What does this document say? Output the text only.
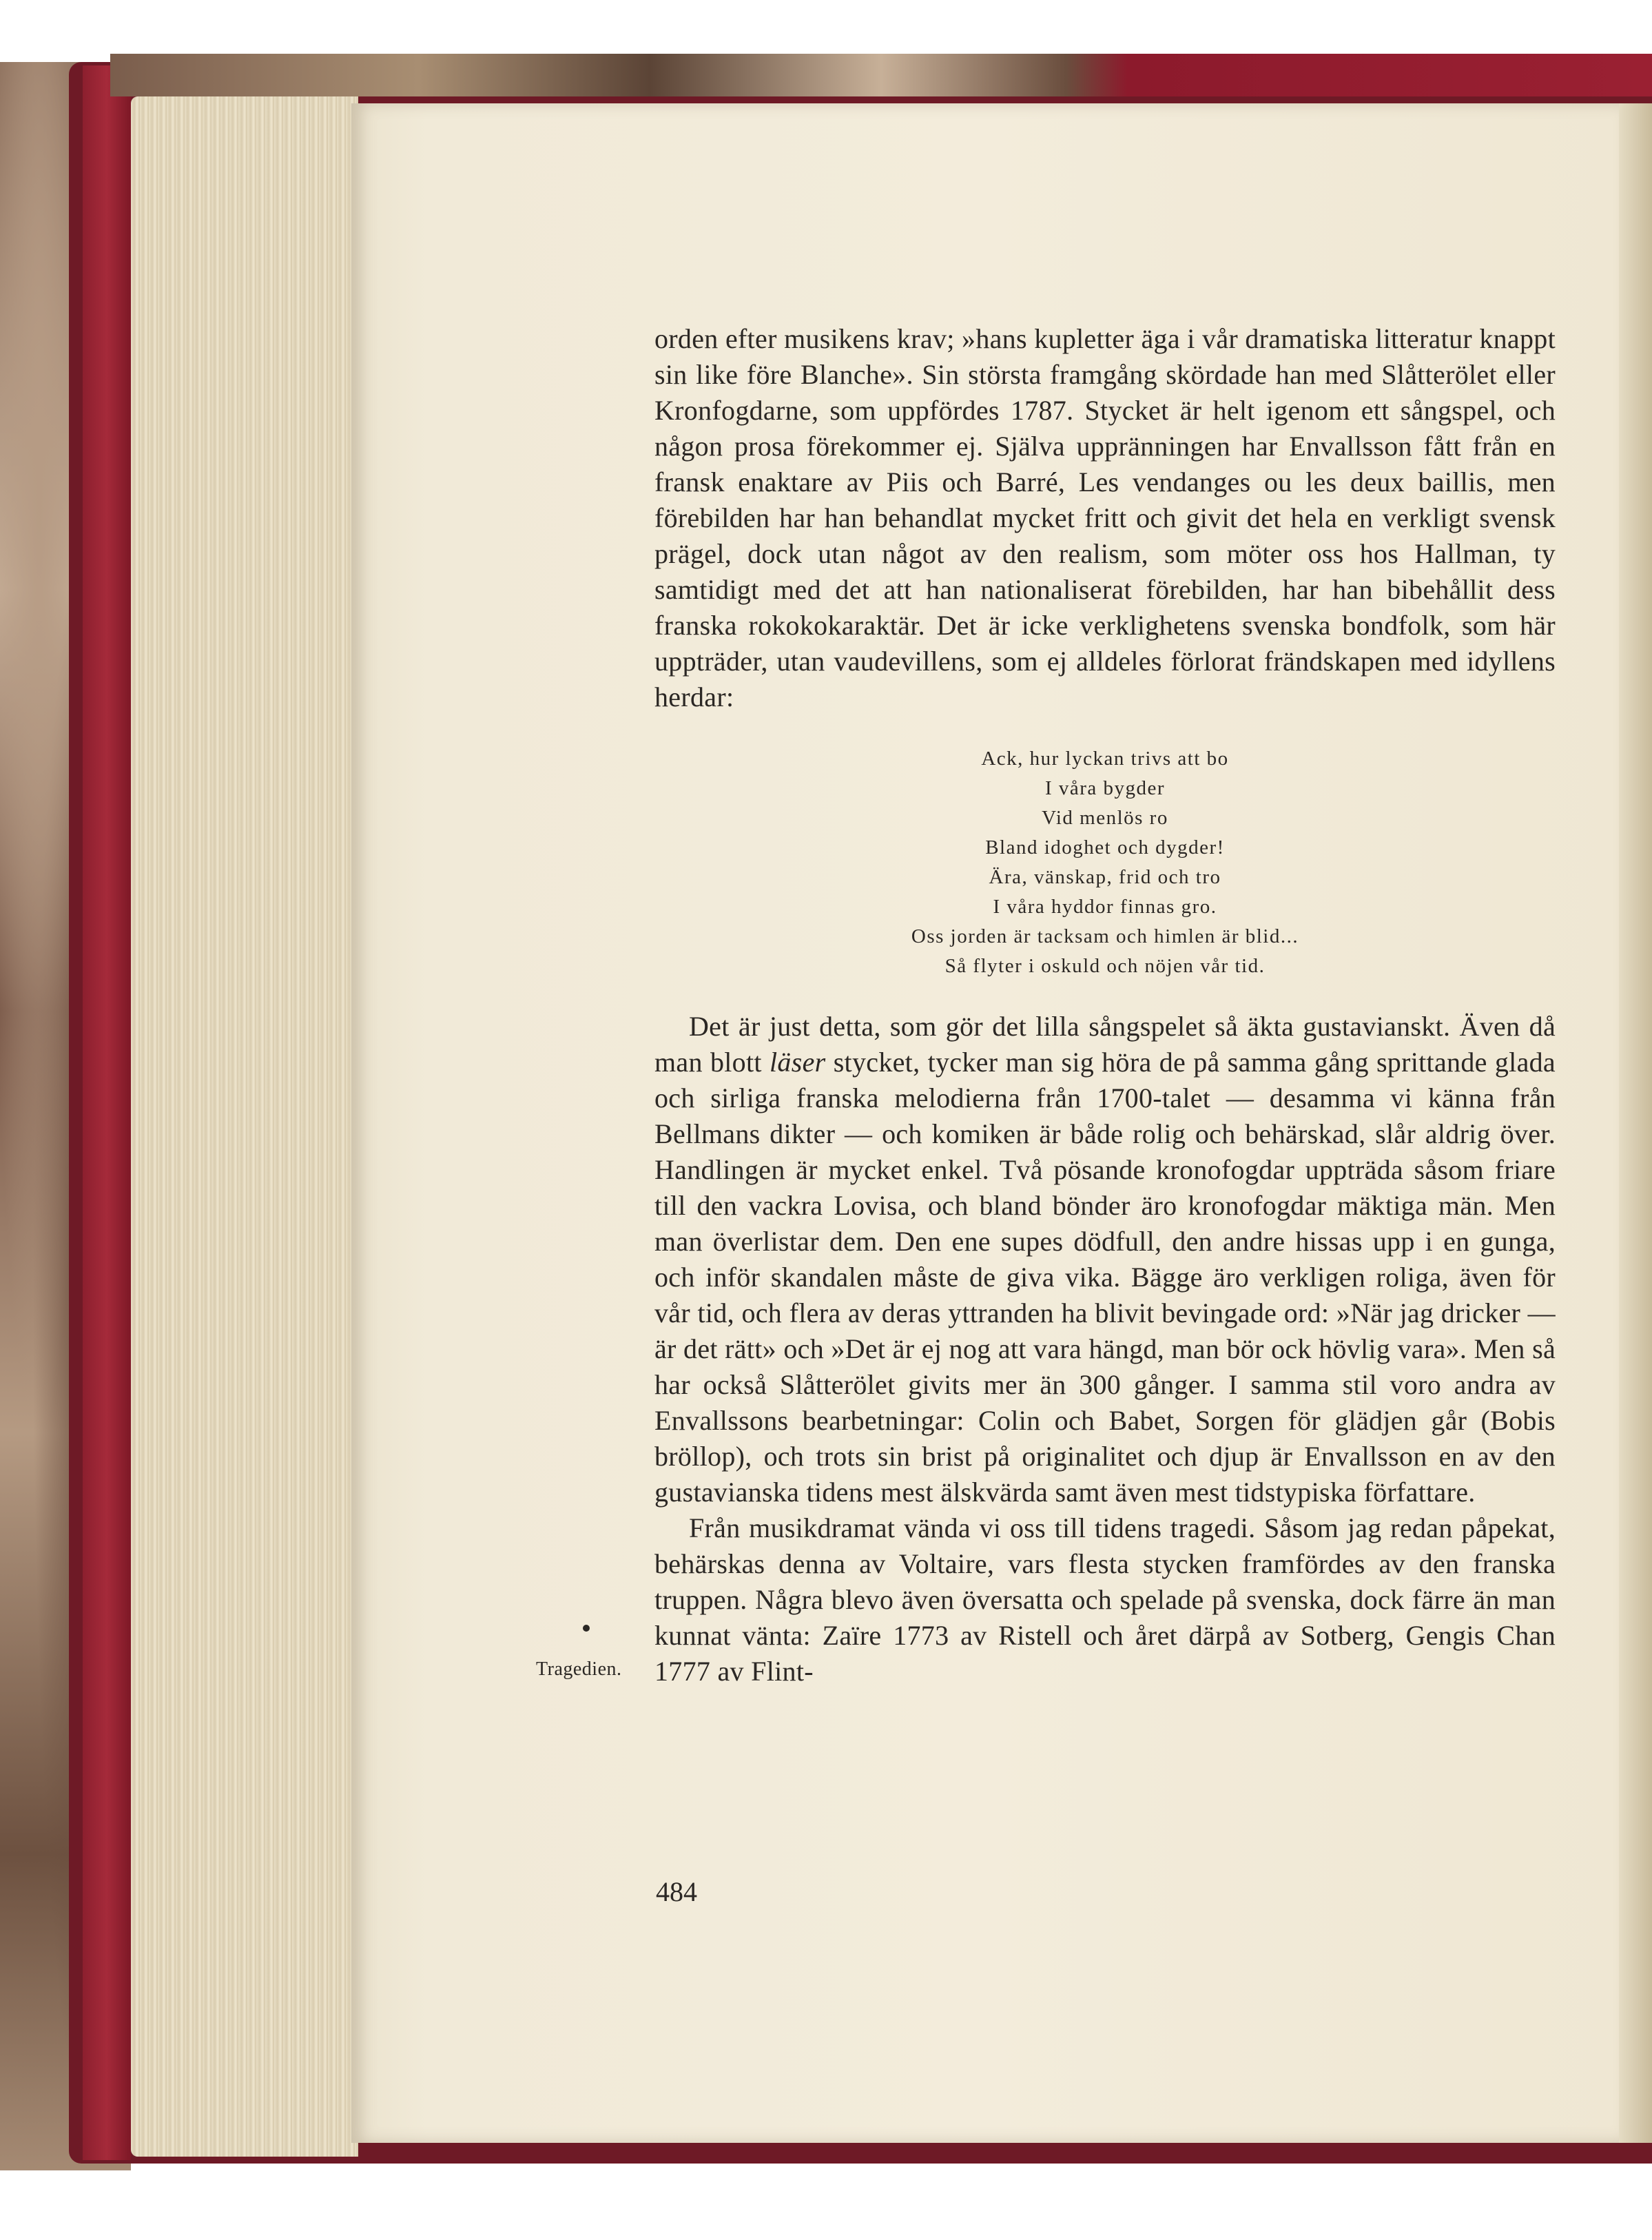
orden efter musikens krav; »hans kupletter äga i vår dramatiska litteratur knappt sin like före Blanche». Sin största framgång skördade han med Slåtterölet eller Kronfogdarne, som uppfördes 1787. Stycket är helt igenom ett sångspel, och någon prosa förekommer ej. Själva uppränningen har Envallsson fått från en fransk enaktare av Piis och Barré, Les vendanges ou les deux baillis, men förebilden har han behandlat mycket fritt och givit det hela en verkligt svensk prägel, dock utan något av den realism, som möter oss hos Hallman, ty samtidigt med det att han nationaliserat förebilden, har han bibehållit dess franska rokokokaraktär. Det är icke verklighetens svenska bondfolk, som här uppträder, utan vaudevillens, som ej alldeles förlorat frändskapen med idyllens herdar:

Ack, hur lyckan trivs att bo
I våra bygder
Vid menlös ro
Bland idoghet och dygder!
Ära, vänskap, frid och tro
I våra hyddor finnas gro.
Oss jorden är tacksam och himlen är blid...
Så flyter i oskuld och nöjen vår tid.

Det är just detta, som gör det lilla sångspelet så äkta gustavianskt. Även då man blott läser stycket, tycker man sig höra de på samma gång sprittande glada och sirliga franska melodierna från 1700-talet — desamma vi känna från Bellmans dikter — och komiken är både rolig och behärskad, slår aldrig över. Handlingen är mycket enkel. Två pösande kronofogdar uppträda såsom friare till den vackra Lovisa, och bland bönder äro kronofogdar mäktiga män. Men man överlistar dem. Den ene supes dödfull, den andre hissas upp i en gunga, och inför skandalen måste de giva vika. Bägge äro verkligen roliga, även för vår tid, och flera av deras yttranden ha blivit bevingade ord: »När jag dricker — är det rätt» och »Det är ej nog att vara hängd, man bör ock hövlig vara». Men så har också Slåtterölet givits mer än 300 gånger. I samma stil voro andra av Envallssons bearbetningar: Colin och Babet, Sorgen för glädjen går (Bobis bröllop), och trots sin brist på originalitet och djup är Envallsson en av den gustavianska tidens mest älskvärda samt även mest tidstypiska författare.

Från musikdramat vända vi oss till tidens tragedi. Såsom jag redan påpekat, behärskas denna av Voltaire, vars flesta stycken framfördes av den franska truppen. Några blevo även översatta och spelade på svenska, dock färre än man kunnat vänta: Zaïre 1773 av Ristell och året därpå av Sotberg, Gengis Chan 1777 av Flint-

Tragedien.
484
